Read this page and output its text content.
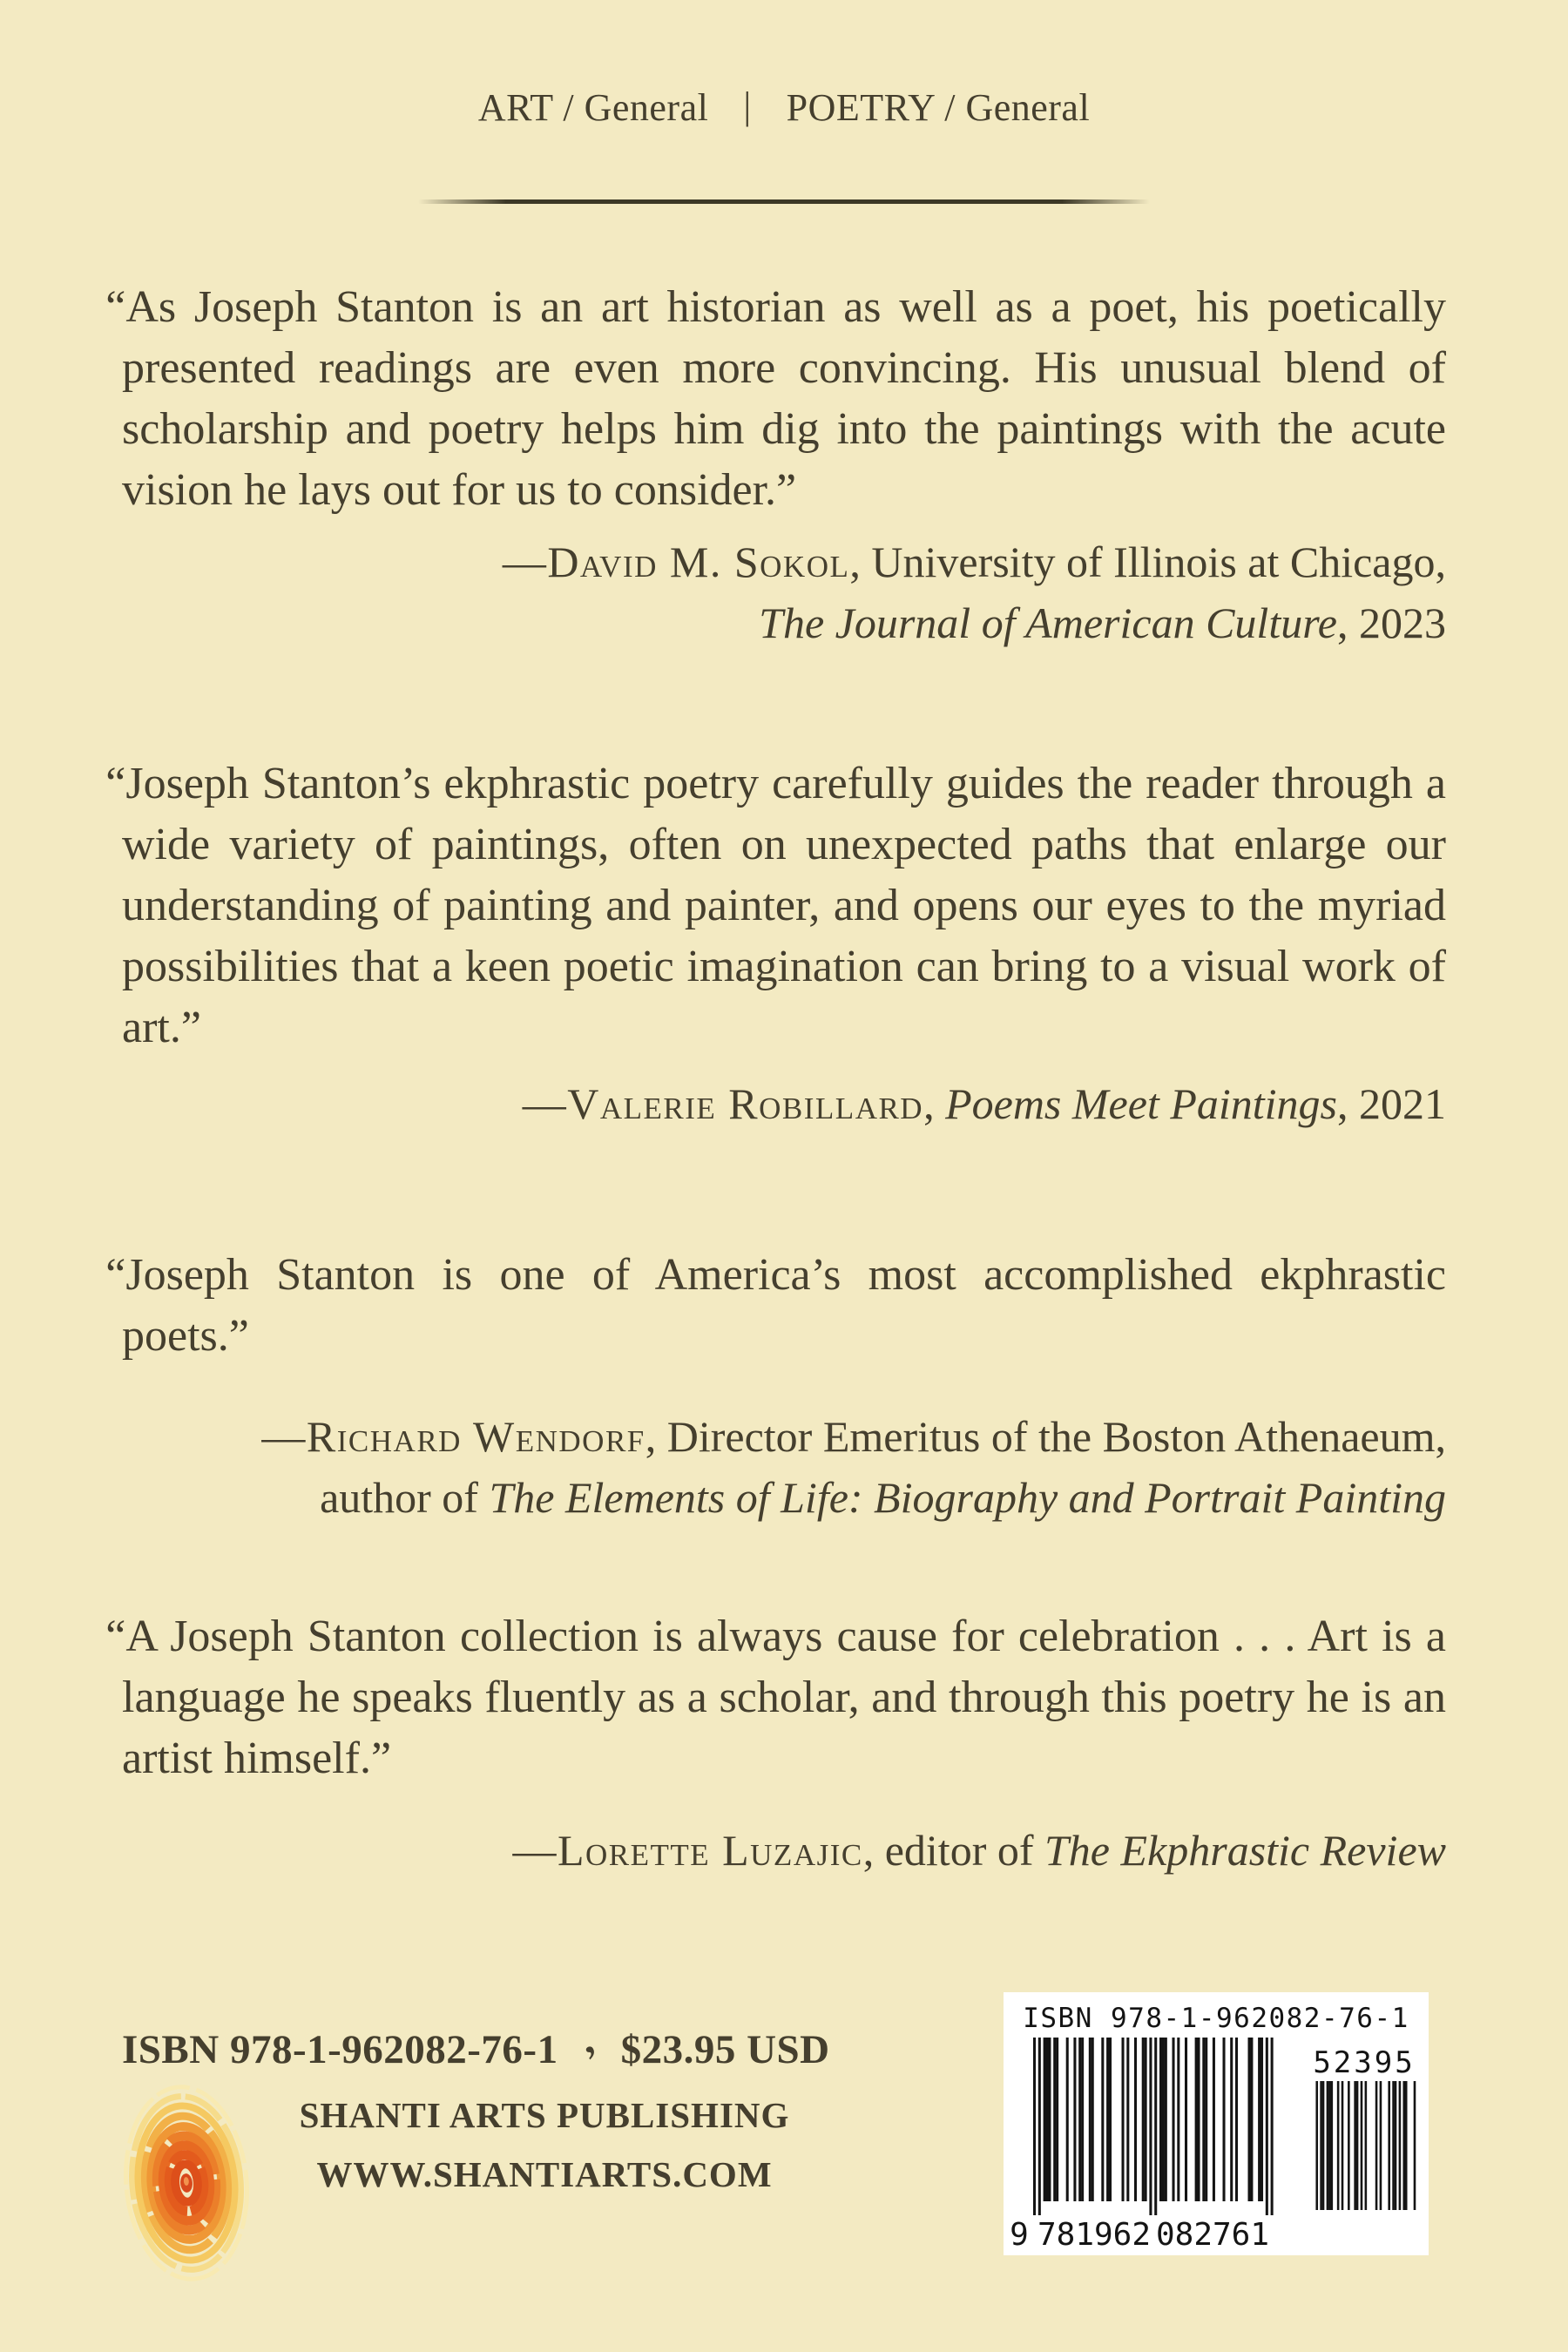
ART / General | POETRY / General

“As Joseph Stanton is an art historian as well as a poet, his poetically presented readings are even more convincing. His unusual blend of scholarship and poetry helps him dig into the paintings with the acute vision he lays out for us to consider.”

—David M. Sokol, University of Illinois at Chicago,
The Journal of American Culture, 2023

“Joseph Stanton’s ekphrastic poetry carefully guides the reader through a wide variety of paintings, often on unexpected paths that enlarge our understanding of painting and painter, and opens our eyes to the myriad possibilities that a keen poetic imagination can bring to a visual work of art.”

—Valerie Robillard, Poems Meet Paintings, 2021

“Joseph Stanton is one of America’s most accomplished ekphrastic poets.”

—Richard Wendorf, Director Emeritus of the Boston Athenaeum,
author of The Elements of Life: Biography and Portrait Painting

“A Joseph Stanton collection is always cause for celebration . . . Art is a language he speaks fluently as a scholar, and through this poetry he is an artist himself.”

—Lorette Luzajic, editor of The Ekphrastic Review

ISBN 978-1-962082-76-1 , $23.95 USD
SHANTI ARTS PUBLISHING
WWW.SHANTIARTS.COM
ISBN 978-1-962082-76-1
9 781962 082761
52395
